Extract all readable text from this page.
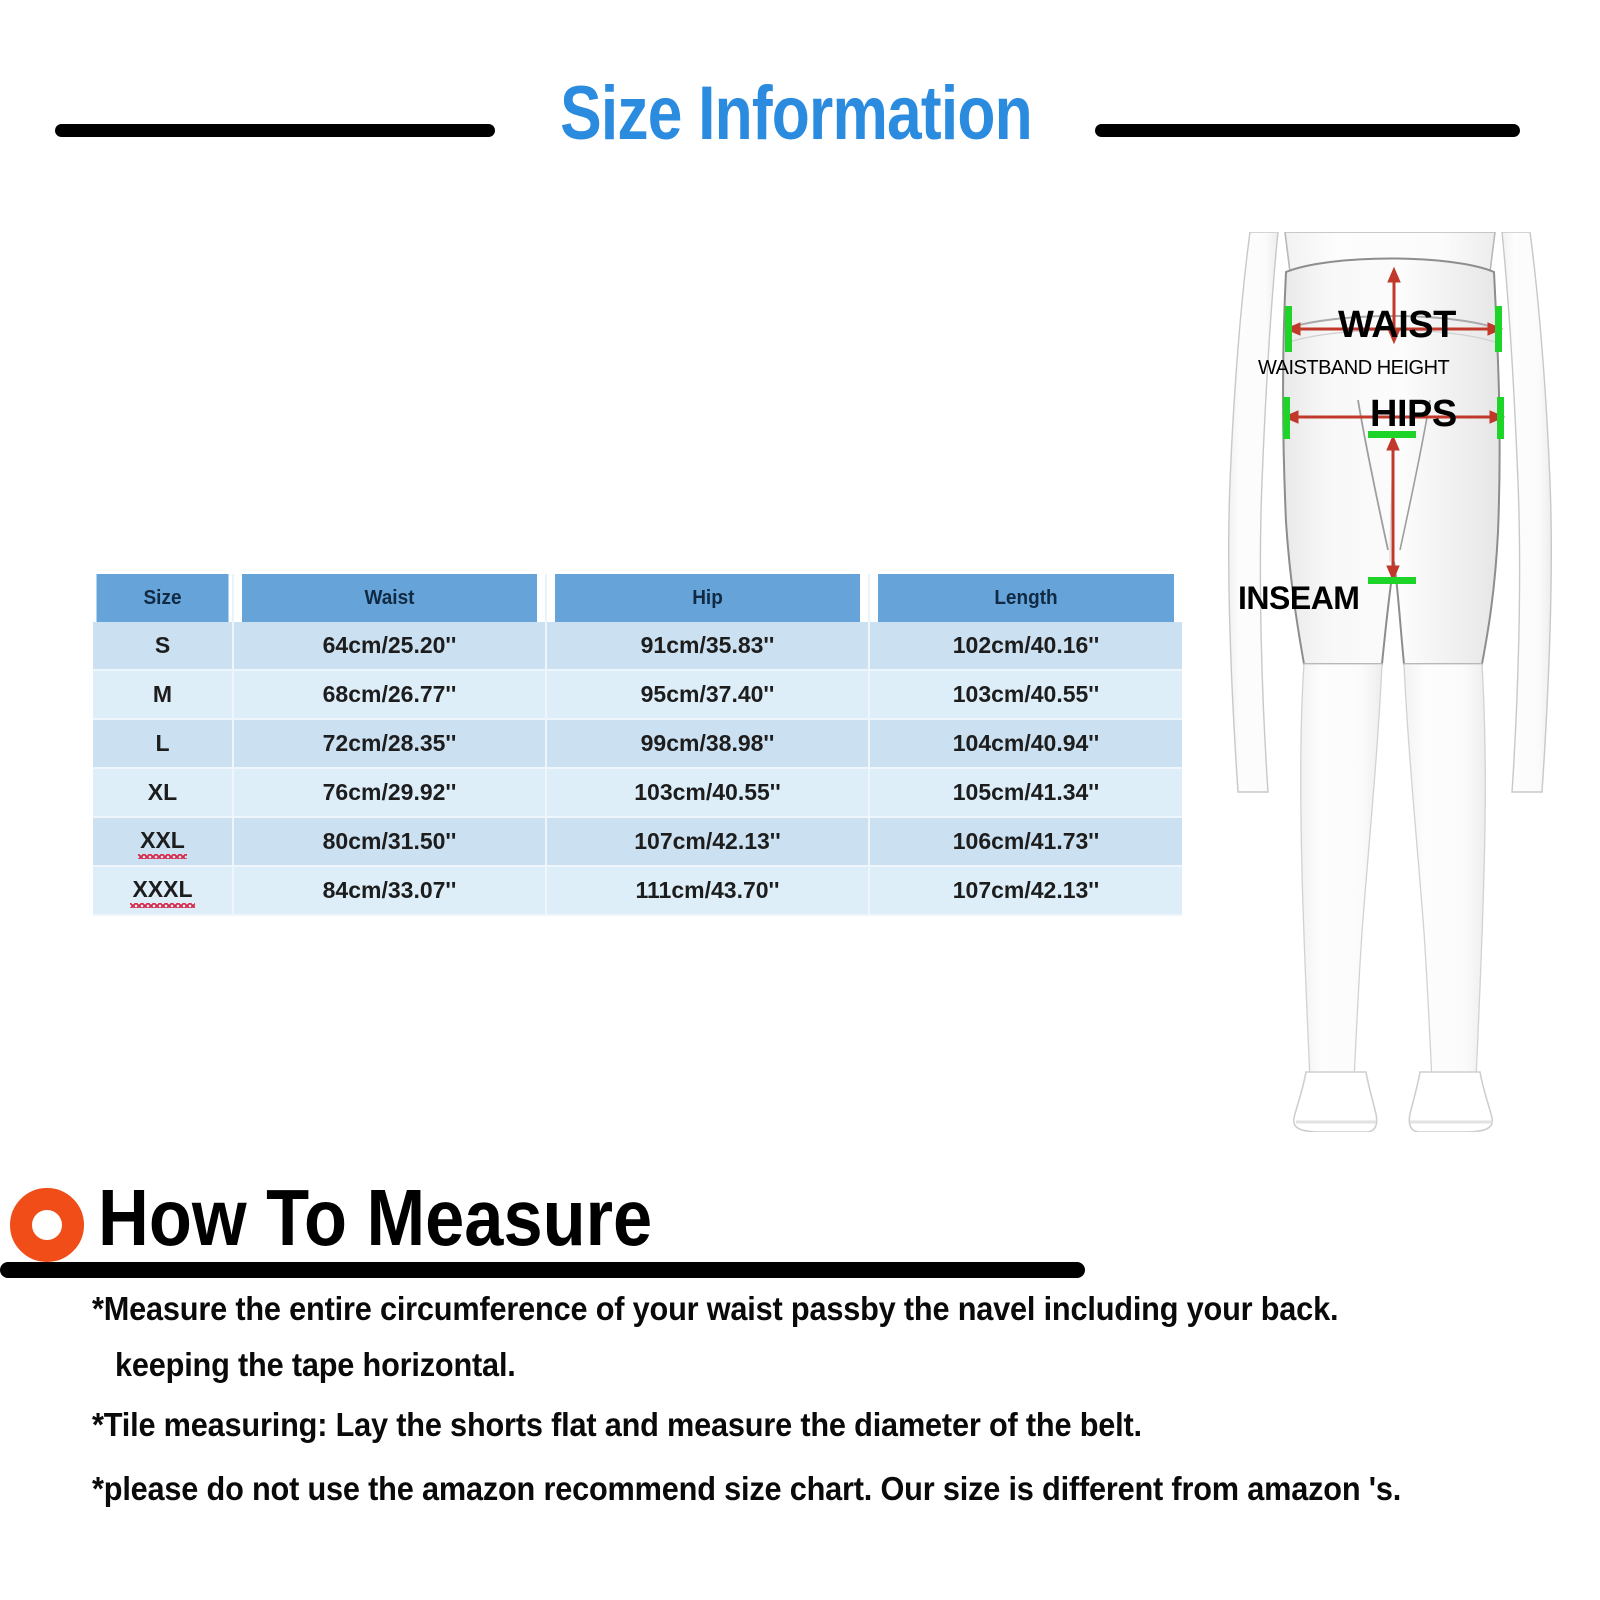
Size Information
Size	Waist	Hip	Length
S	64cm/25.20''	91cm/35.83''	102cm/40.16''
M	68cm/26.77''	95cm/37.40''	103cm/40.55''
L	72cm/28.35''	99cm/38.98''	104cm/40.94''
XL	76cm/29.92''	103cm/40.55''	105cm/41.34''
XXL	80cm/31.50''	107cm/42.13''	106cm/41.73''
XXXL	84cm/33.07''	111cm/43.70''	107cm/42.13''
WAIST
WAISTBAND HEIGHT
HIPS
INSEAM
How To Measure
*Measure the entire circumference of your waist passby the navel including your back.
keeping the tape horizontal.
*Tile measuring: Lay the shorts flat and measure the diameter of the belt.
*please do not use the amazon recommend size chart. Our size is different from amazon 's.
